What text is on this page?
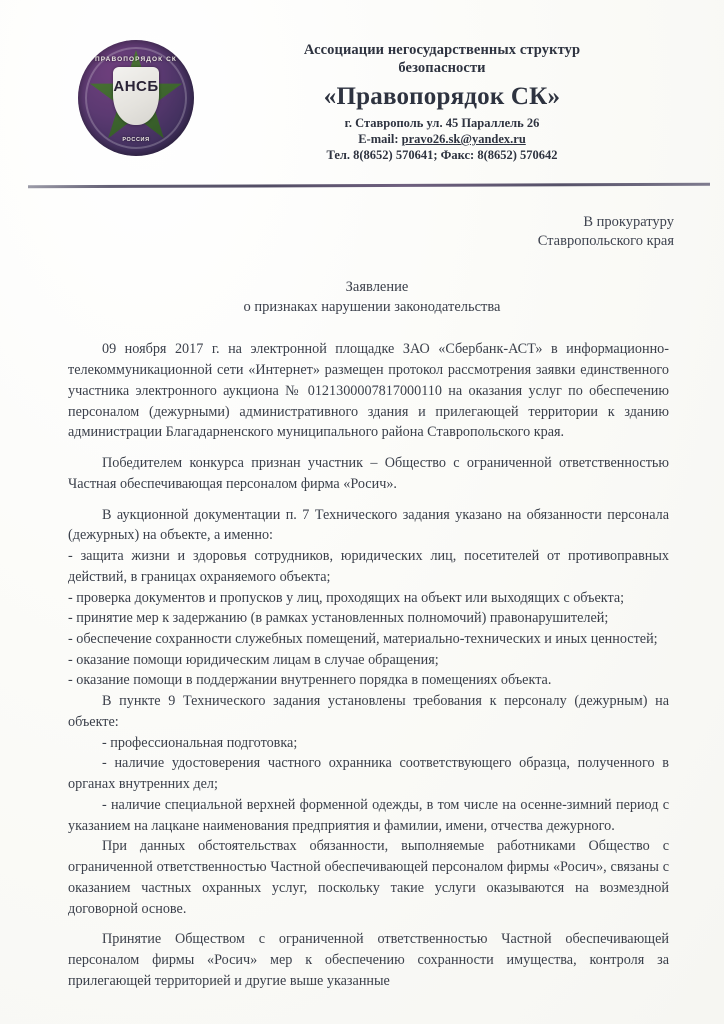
ПРАВОПОРЯДОК СК
АНСБ
РОССИЯ
Ассоциации негосударственных структур
безопасности
«Правопорядок СК»
г. Ставрополь ул. 45 Параллель 26
E-mail: pravo26.sk@yandex.ru
Тел. 8(8652) 570641; Факс: 8(8652) 570642
В прокуратуру
Ставропольского края
Заявление
о признаках нарушении законодательства

09 ноября 2017 г. на электронной площадке ЗАО «Сбербанк-АСТ» в информационно-телекоммуникационной сети «Интернет» размещен протокол рассмотрения заявки единственного участника электронного аукциона № 0121300007817000110 на оказания услуг по обеспечению персоналом (дежурными) административного здания и прилегающей территории к зданию администрации Благадарненского муниципального района Ставропольского края.

Победителем конкурса признан участник – Общество с ограниченной ответственностью Частная обеспечивающая персоналом фирма «Росич».

В аукционной документации п. 7 Технического задания указано на обязанности персонала (дежурных) на объекте, а именно:

- защита жизни и здоровья сотрудников, юридических лиц, посетителей от противоправных действий, в границах охраняемого объекта;

- проверка документов и пропусков у лиц, проходящих на объект или выходящих с объекта;

- принятие мер к задержанию (в рамках установленных полномочий) правонарушителей;

- обеспечение сохранности служебных помещений, материально-технических и иных ценностей;

- оказание помощи юридическим лицам в случае обращения;

- оказание помощи в поддержании внутреннего порядка в помещениях объекта.

В пункте 9 Технического задания установлены требования к персоналу (дежурным) на объекте:

- профессиональная подготовка;

- наличие удостоверения частного охранника соответствующего образца, полученного в органах внутренних дел;

- наличие специальной верхней форменной одежды, в том числе на осенне-зимний период с указанием на лацкане наименования предприятия и фамилии, имени, отчества дежурного.

При данных обстоятельствах обязанности, выполняемые работниками Общество с ограниченной ответственностью Частной обеспечивающей персоналом фирмы «Росич», связаны с оказанием частных охранных услуг, поскольку такие услуги оказываются на возмездной договорной основе.

Принятие Обществом с ограниченной ответственностью Частной обеспечивающей персоналом фирмы «Росич» мер к обеспечению сохранности имущества, контроля за прилегающей территорией и другие выше указанные
